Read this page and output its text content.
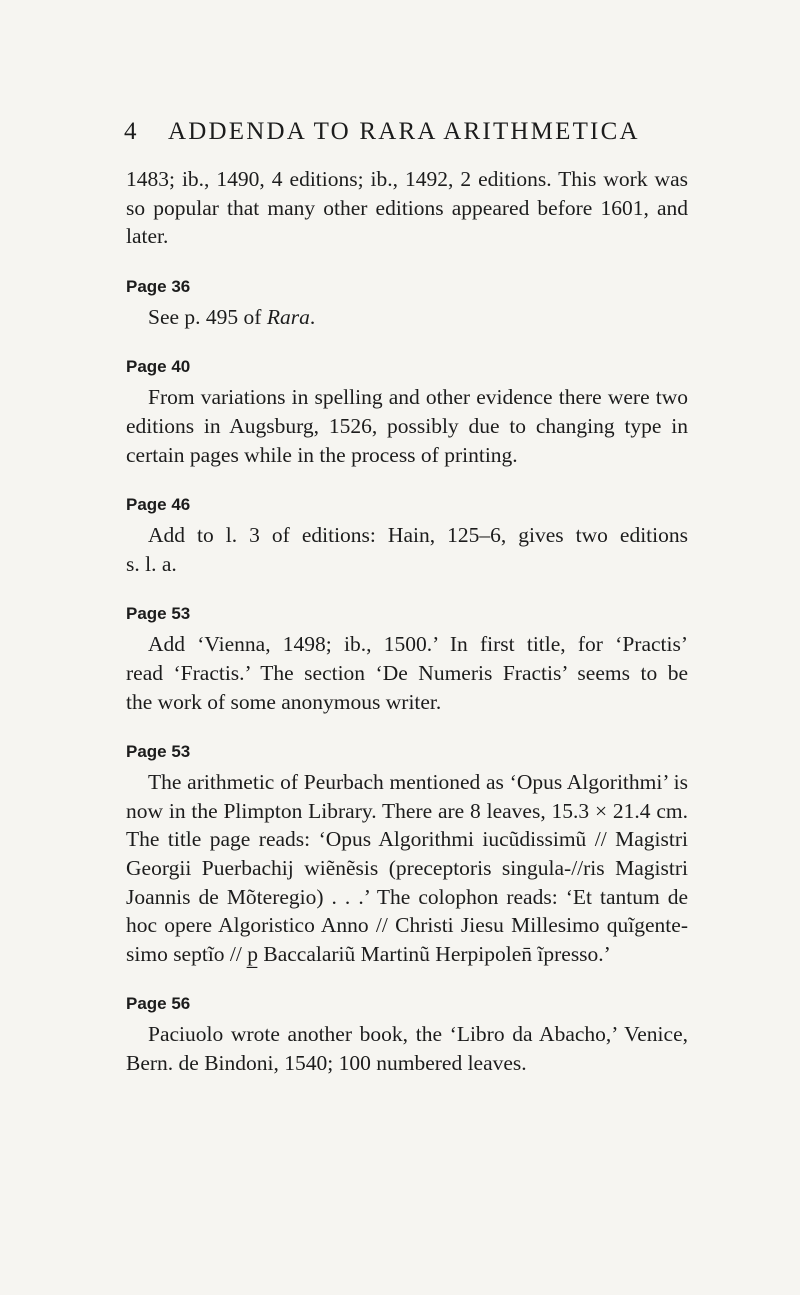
4 ADDENDA TO RARA ARITHMETICA

1483; ib., 1490, 4 editions; ib., 1492, 2 editions. This work was
so popular that many other editions appeared before 1601, and
later.

Page 36

See p. 495 of Rara.

Page 40

From variations in spelling and other evidence there were two
editions in Augsburg, 1526, possibly due to changing type in
certain pages while in the process of printing.

Page 46

Add to l. 3 of editions: Hain, 125–6, gives two editions
s. l. a.

Page 53

Add ‘Vienna, 1498; ib., 1500.’ In first title, for ‘Practis’
read ‘Fractis.’ The section ‘De Numeris Fractis’ seems to be
the work of some anonymous writer.

Page 53

The arithmetic of Peurbach mentioned as ‘Opus Algorithmi’ is
now in the Plimpton Library. There are 8 leaves, 15.3 × 21.4 cm.
The title page reads: ‘Opus Algorithmi iucũdissimũ // Magistri
Georgii Puerbachij wiẽnẽsis (preceptoris singula-//ris Magistri
Joannis de Mõteregio) . . .’ The colophon reads: ‘Et tantum de
hoc opere Algoristico Anno // Christi Jiesu Millesimo quĩgente-
simo septĩo // p̲ Baccalariũ Martinũ Herpipolen̄ ĩpresso.’

Page 56

Paciuolo wrote another book, the ‘Libro da Abacho,’ Venice,
Bern. de Bindoni, 1540; 100 numbered leaves.
